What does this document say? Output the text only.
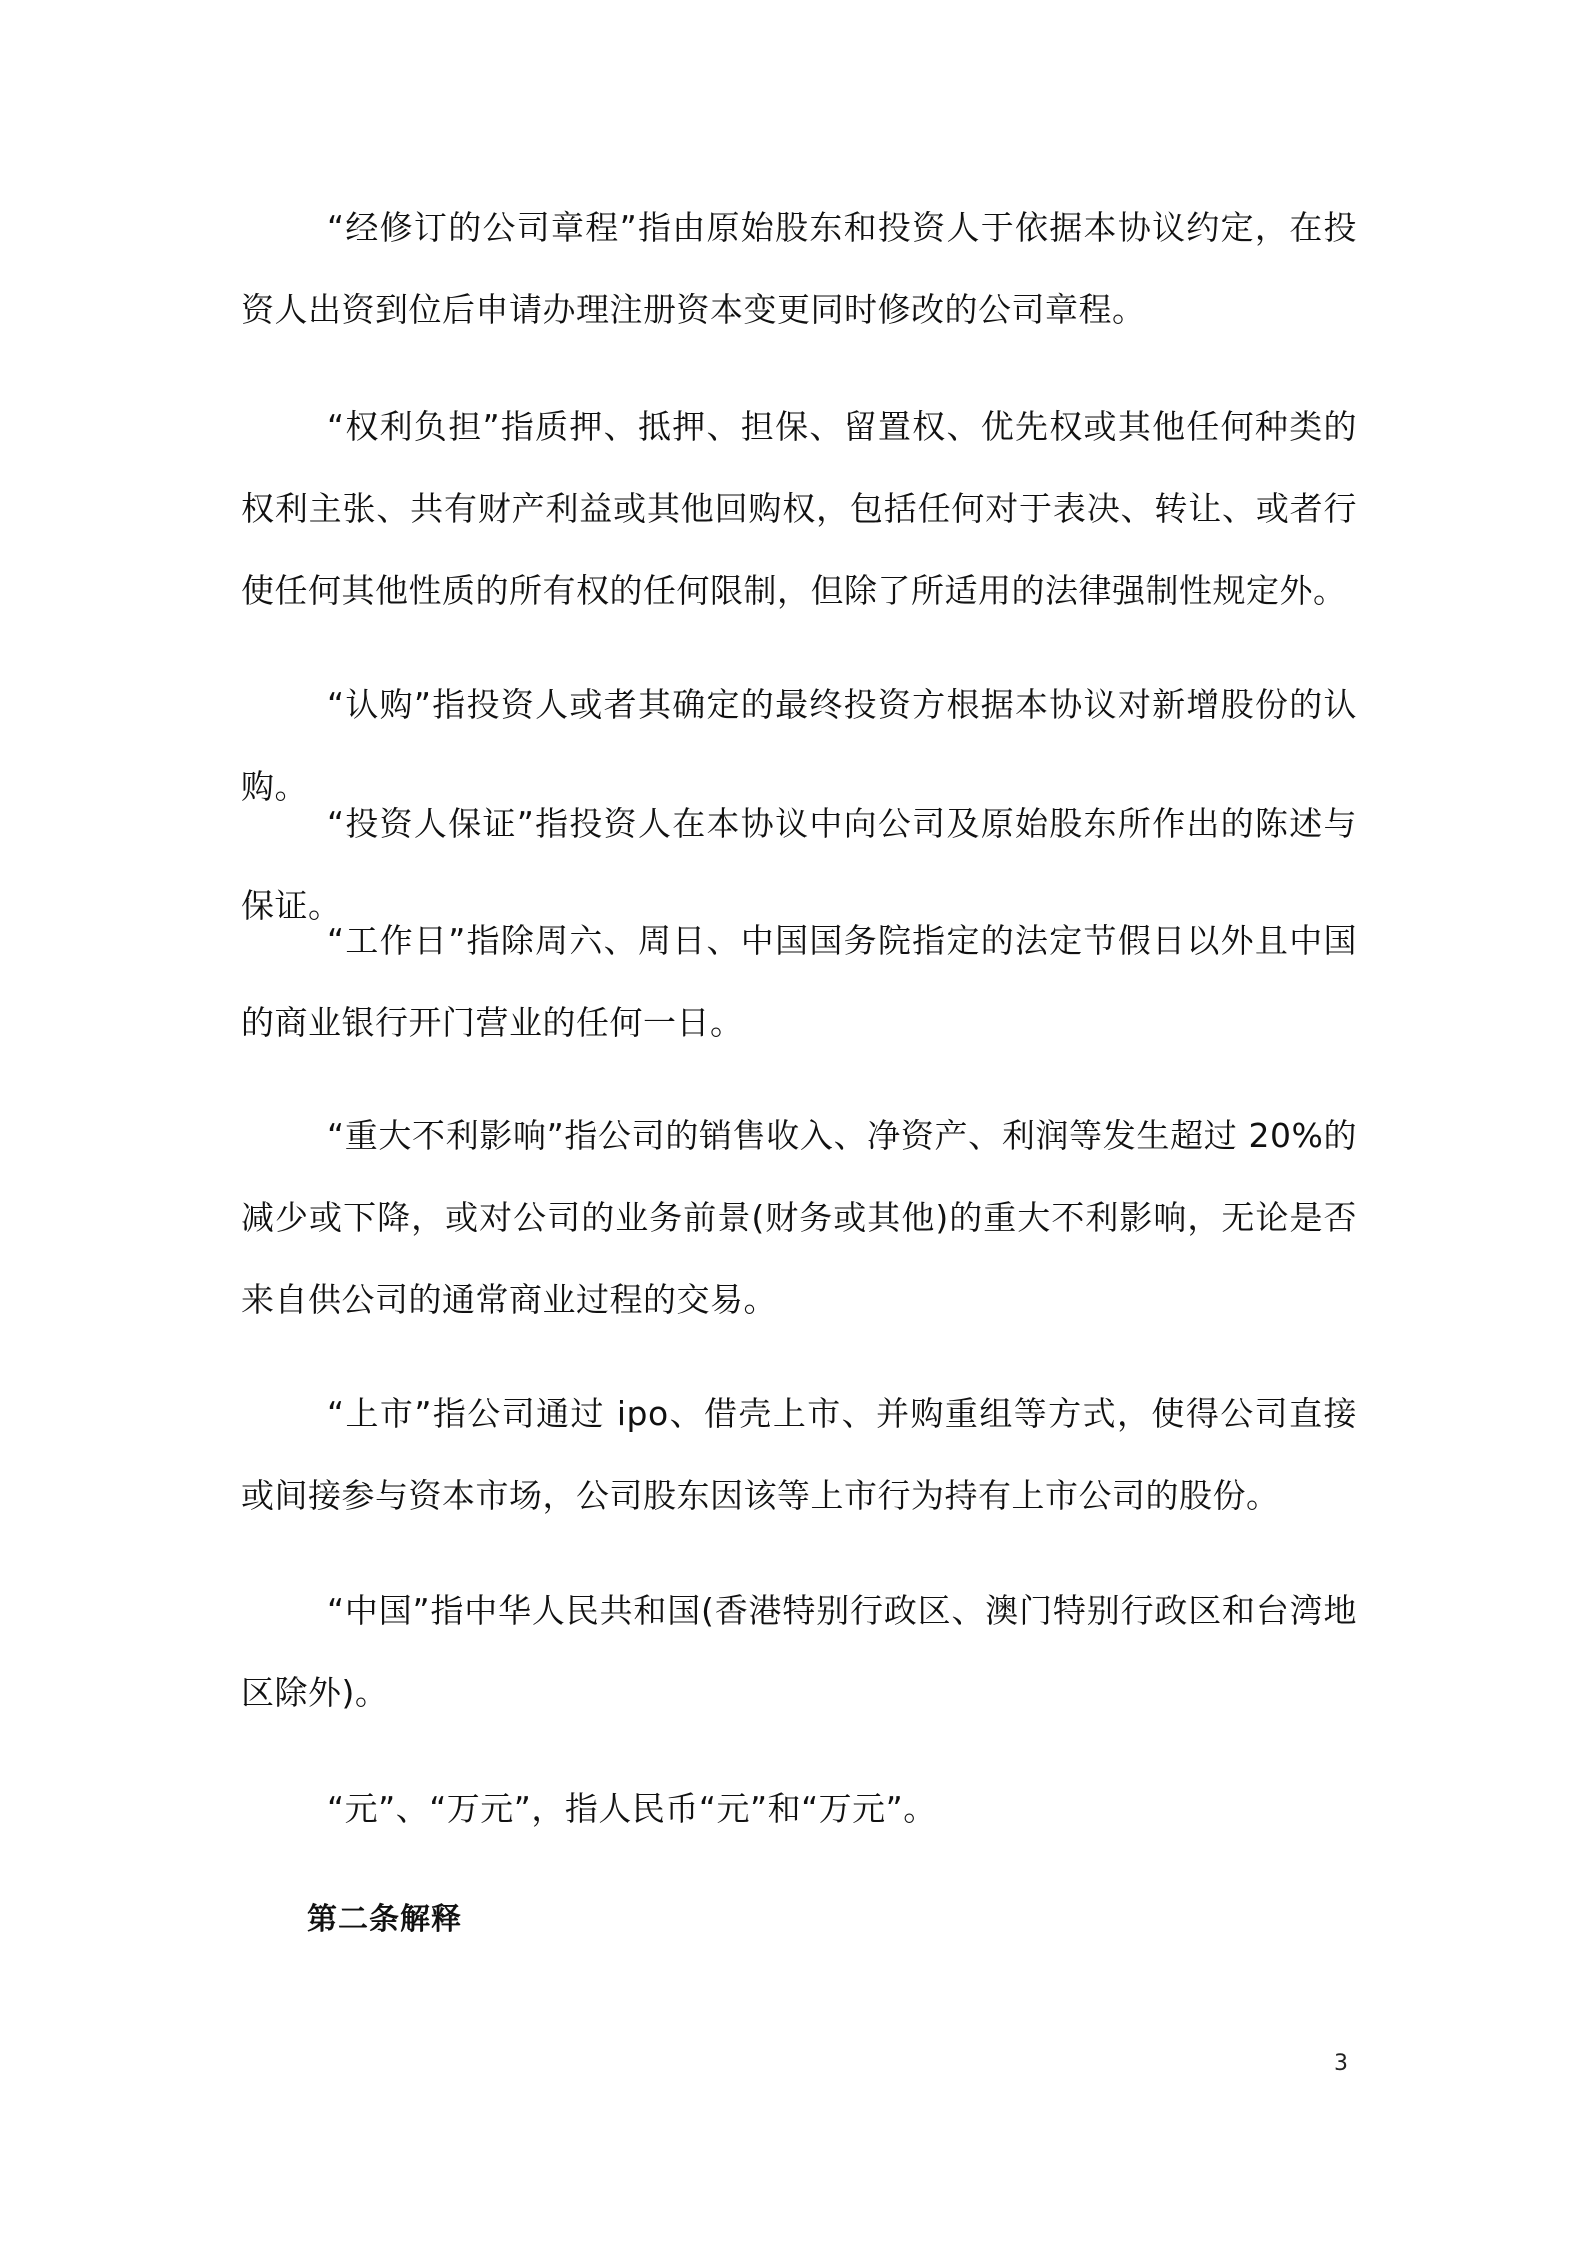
“经修订的公司章程”指由原始股东和投资人于依据本协议约定，在投资人出资到位后申请办理注册资本变更同时修改的公司章程。

“权利负担”指质押、抵押、担保、留置权、优先权或其他任何种类的权利主张、共有财产利益或其他回购权，包括任何对于表决、转让、或者行使任何其他性质的所有权的任何限制，但除了所适用的法律强制性规定外。

“认购”指投资人或者其确定的最终投资方根据本协议对新增股份的认购。

“投资人保证”指投资人在本协议中向公司及原始股东所作出的陈述与保证。

“工作日”指除周六、周日、中国国务院指定的法定节假日以外且中国的商业银行开门营业的任何一日。

“重大不利影响”指公司的销售收入、净资产、利润等发生超过 20%的减少或下降，或对公司的业务前景(财务或其他)的重大不利影响，无论是否来自供公司的通常商业过程的交易。

“上市”指公司通过 ipo、借壳上市、并购重组等方式，使得公司直接或间接参与资本市场，公司股东因该等上市行为持有上市公司的股份。

“中国”指中华人民共和国(香港特别行政区、澳门特别行政区和台湾地区除外)。

“元”、“万元”，指人民币“元”和“万元”。

第二条解释

3
